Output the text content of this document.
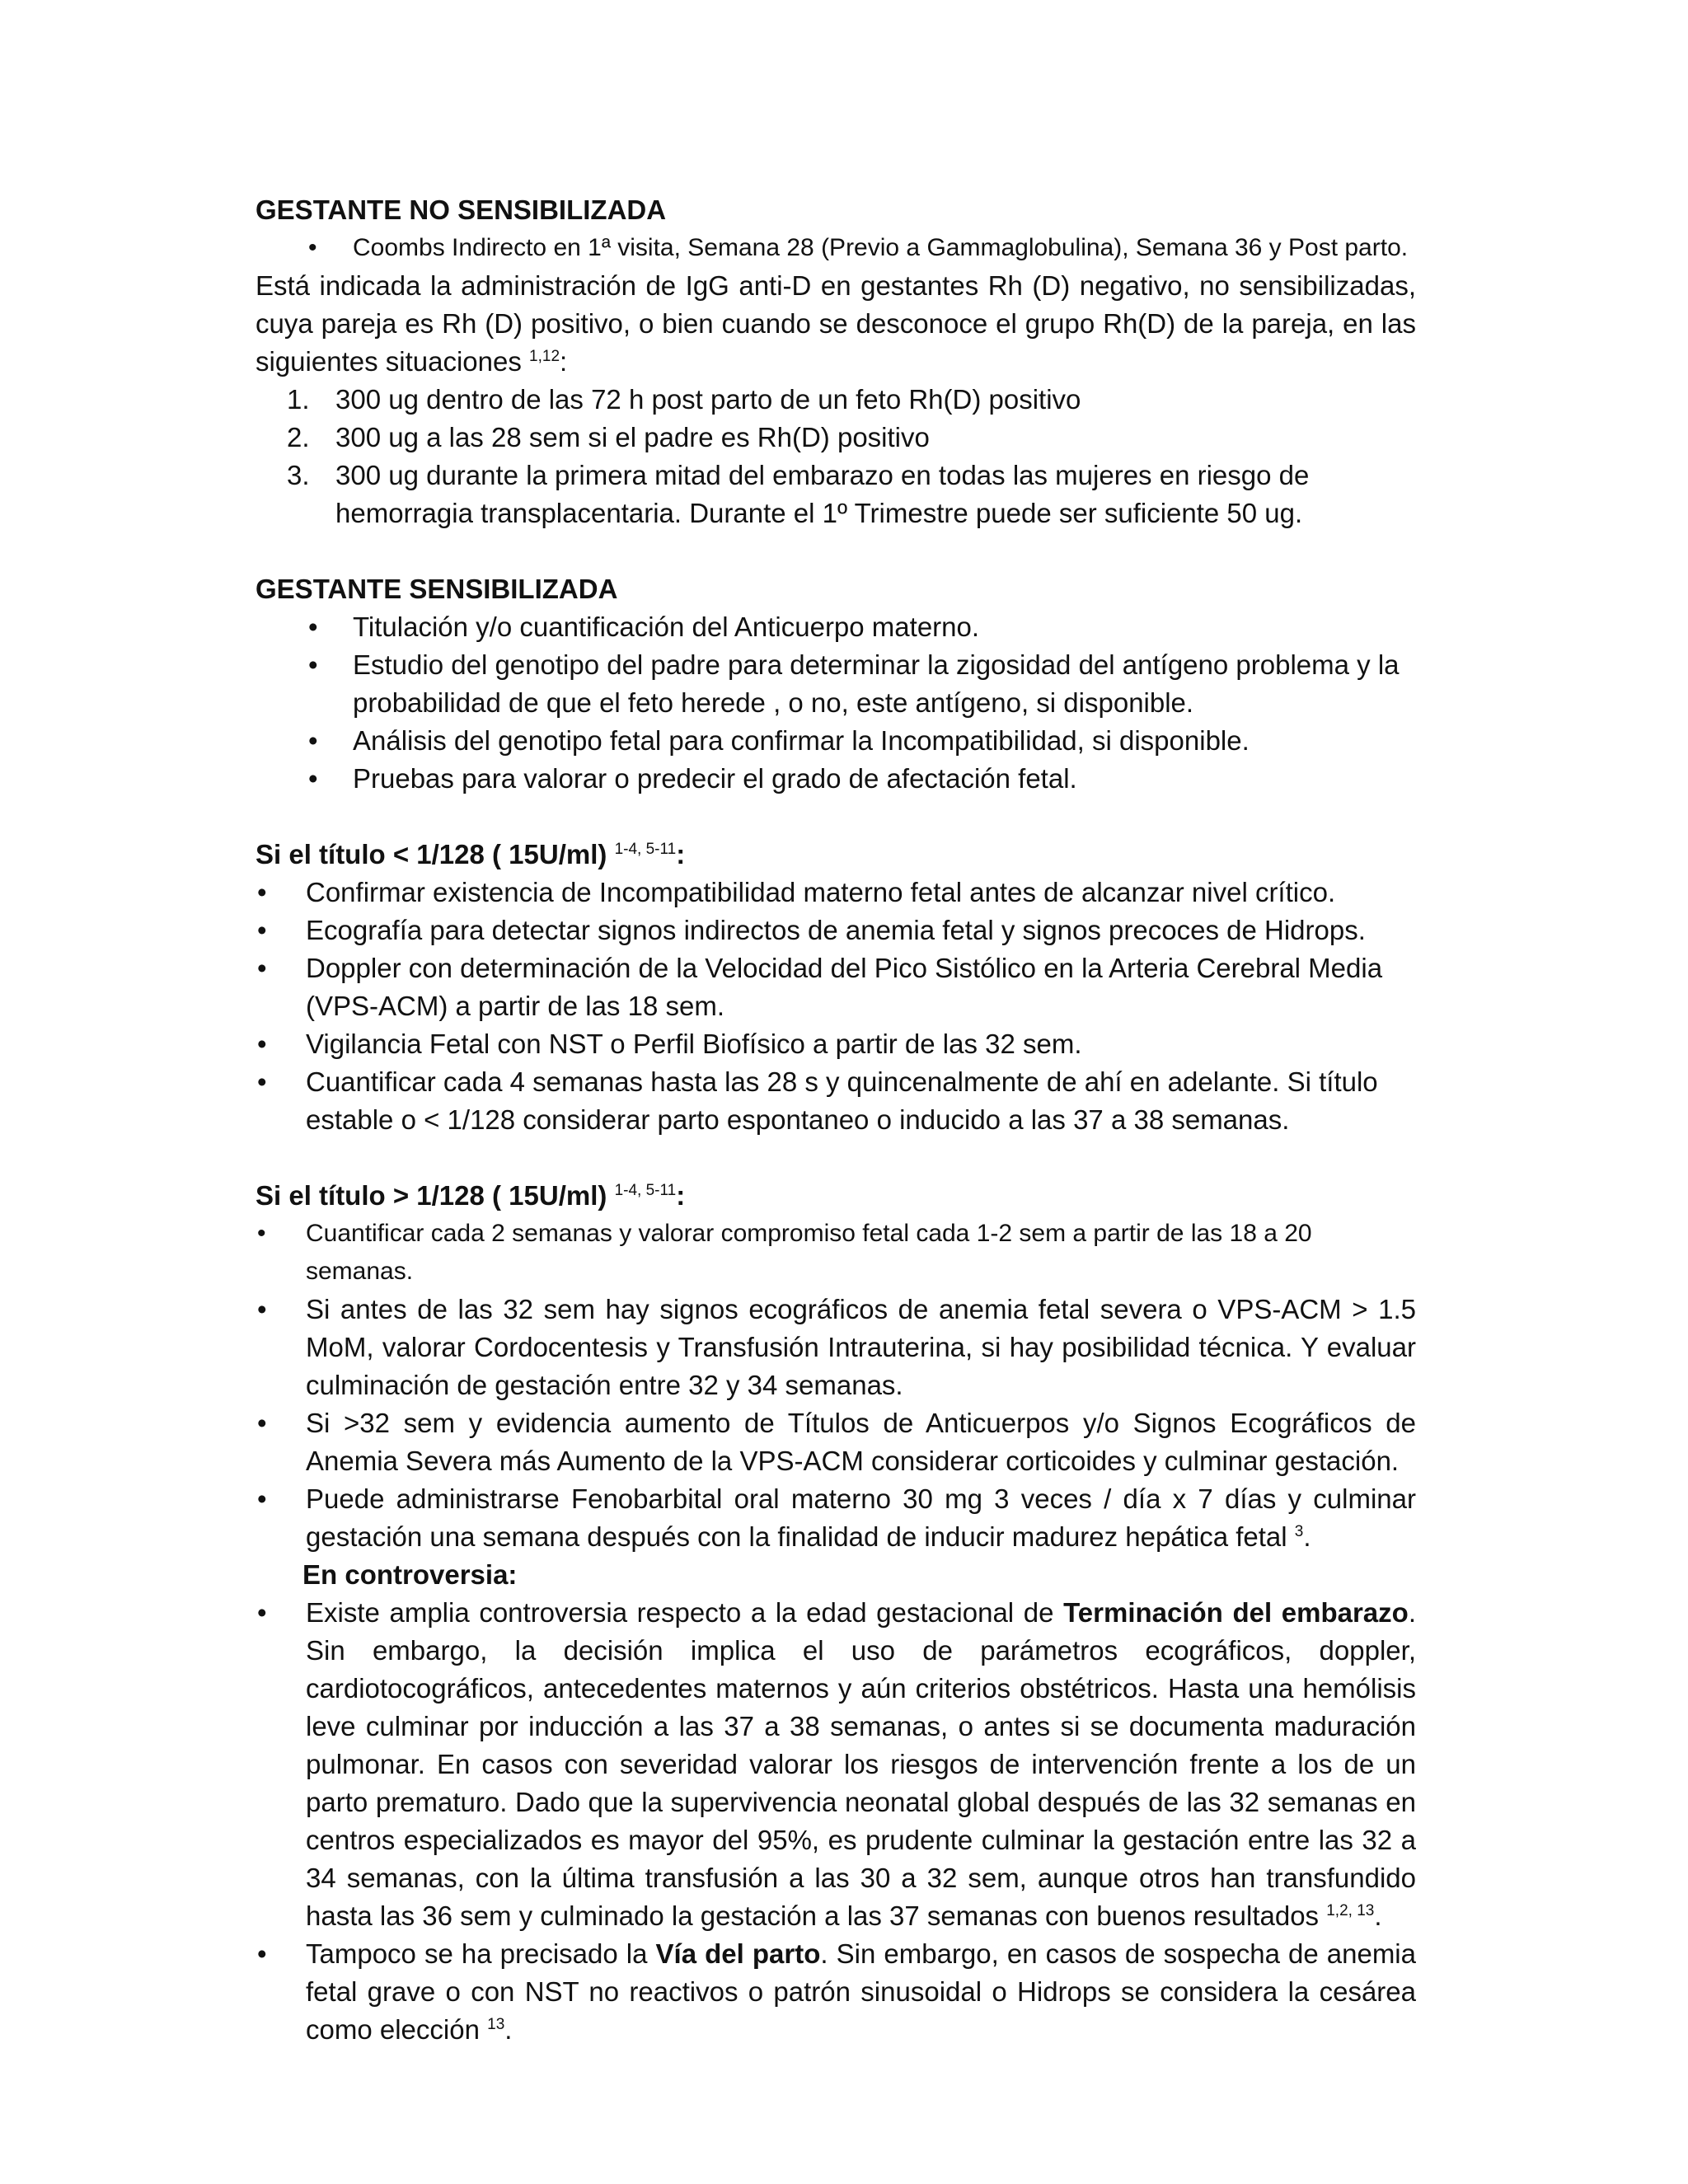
GESTANTE NO SENSIBILIZADA

• Coombs Indirecto en 1ª visita, Semana 28 (Previo a Gammaglobulina), Semana 36 y Post parto.

Está indicada la administración de IgG anti-D en gestantes Rh (D) negativo, no sensibilizadas, cuya pareja es Rh (D) positivo, o bien cuando se desconoce el grupo Rh(D) de la pareja, en las siguientes situaciones $^{1,12}$:

1. 300 ug dentro de las 72 h post parto de un feto Rh(D) positivo
2. 300 ug a las 28 sem si el padre es Rh(D) positivo
3. 300 ug durante la primera mitad del embarazo en todas las mujeres en riesgo de hemorragia transplacentaria. Durante el 1º Trimestre puede ser suficiente 50 ug.

GESTANTE SENSIBILIZADA

• Titulación y/o cuantificación del Anticuerpo materno.
• Estudio del genotipo del padre para determinar la zigosidad del antígeno problema y la probabilidad de que el feto herede , o no, este antígeno, si disponible.
• Análisis del genotipo fetal para confirmar la Incompatibilidad, si disponible.
• Pruebas para valorar o predecir el grado de afectación fetal.

Si el título < 1/128 ( 15U/ml) $^{1-4, 5-11}$:

• Confirmar existencia de Incompatibilidad materno fetal antes de alcanzar nivel crítico.
• Ecografía para detectar signos indirectos de anemia fetal y signos precoces de Hidrops.
• Doppler con determinación de la Velocidad del Pico Sistólico en la Arteria Cerebral Media (VPS-ACM) a partir de las 18 sem.
• Vigilancia Fetal con NST o Perfil Biofísico a partir de las 32 sem.
• Cuantificar cada 4 semanas hasta las 28 s y quincenalmente de ahí en adelante. Si título estable o < 1/128 considerar parto espontaneo o inducido a las 37 a 38 semanas.

Si el título > 1/128 ( 15U/ml) $^{1-4, 5-11}$:

• Cuantificar cada 2 semanas y valorar compromiso fetal cada 1-2 sem a partir de las 18 a 20 semanas.
• Si antes de las 32 sem hay signos ecográficos de anemia fetal severa o VPS-ACM > 1.5 MoM, valorar Cordocentesis y Transfusión Intrauterina, si hay posibilidad técnica. Y evaluar culminación de gestación entre 32 y 34 semanas.
• Si >32 sem y evidencia aumento de Títulos de Anticuerpos y/o Signos Ecográficos de Anemia Severa más Aumento de la VPS-ACM considerar corticoides y culminar gestación.
• Puede administrarse Fenobarbital oral materno 30 mg 3 veces / día x 7 días y culminar gestación una semana después con la finalidad de inducir madurez hepática fetal $^3$.
En controversia:
• Existe amplia controversia respecto a la edad gestacional de Terminación del embarazo. Sin embargo, la decisión implica el uso de parámetros ecográficos, doppler, cardiotocográficos, antecedentes maternos y aún criterios obstétricos. Hasta una hemólisis leve culminar por inducción a las 37 a 38 semanas, o antes si se documenta maduración pulmonar. En casos con severidad valorar los riesgos de intervención frente a los de un parto prematuro. Dado que la supervivencia neonatal global después de las 32 semanas en centros especializados es mayor del 95%, es prudente culminar la gestación entre las 32 a 34 semanas, con la última transfusión a las 30 a 32 sem, aunque otros han transfundido hasta las 36 sem y culminado la gestación a las 37 semanas con buenos resultados $^{1,2, 13}$.
• Tampoco se ha precisado la Vía del parto. Sin embargo, en casos de sospecha de anemia fetal grave o con NST no reactivos o patrón sinusoidal o Hidrops se considera la cesárea como elección $^{13}$.
